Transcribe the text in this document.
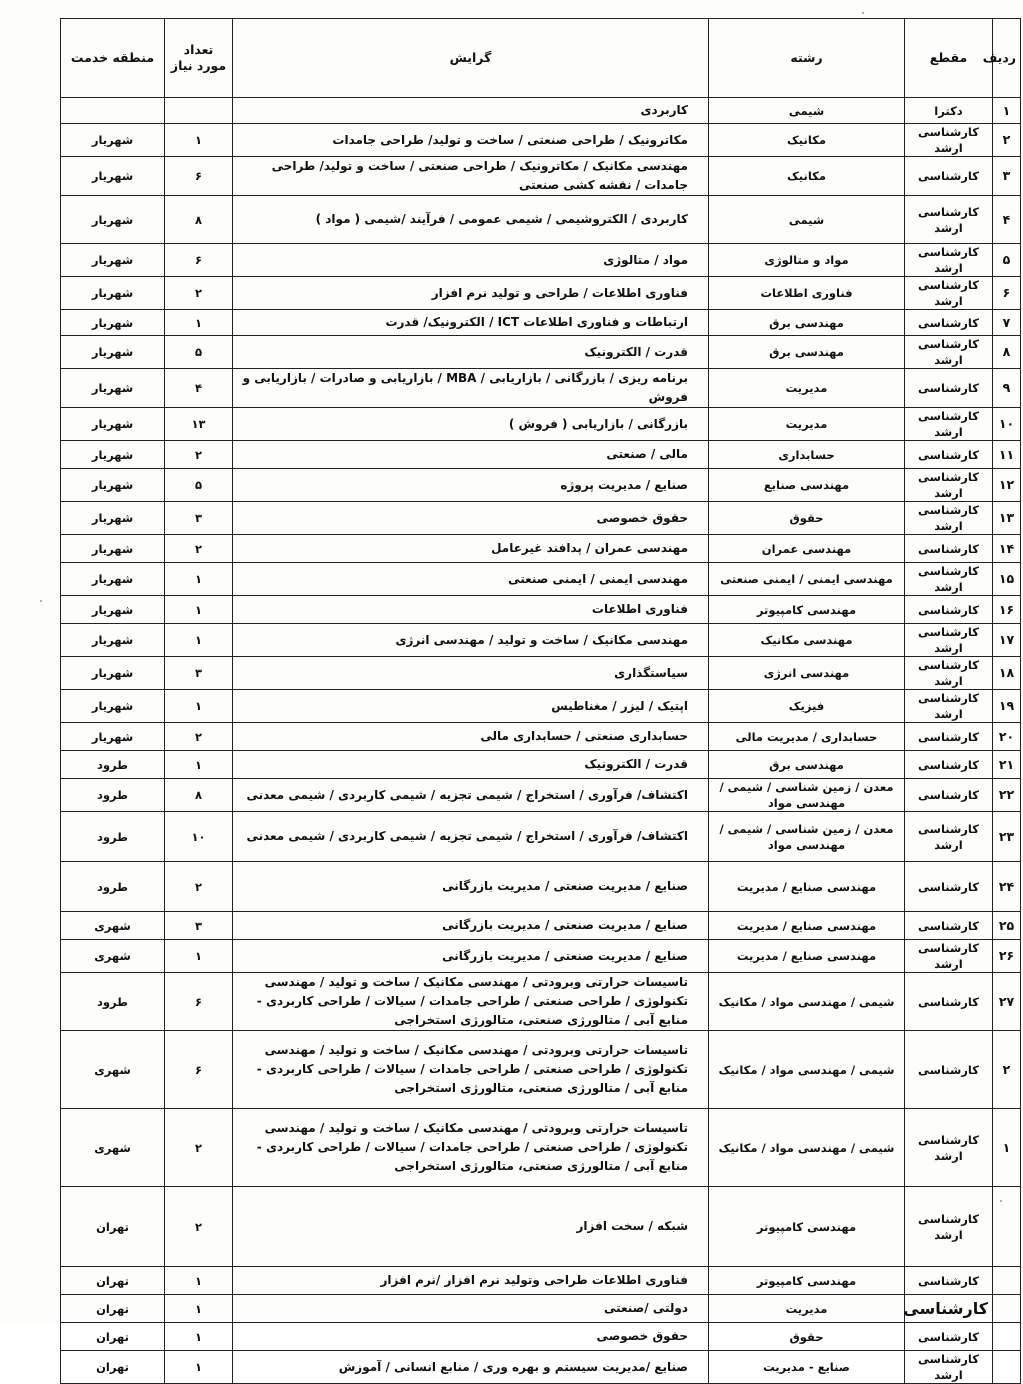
ردیف	مقطع	رشته	گرایش	تعداد مورد نیاز	منطقه خدمت
۱	دکترا	شیمی	کاربردی		
۲	کارشناسی ارشد	مکانیک	مکاترونیک / طراحی صنعتی / ساخت و تولید/ طراحی جامدات	۱	شهریار
۳	کارشناسی	مکانیک	مهندسی مکانیک / مکاترونیک / طراحی صنعتی / ساخت و تولید/ طراحی جامدات / نقشه کشی صنعتی	۶	شهریار
۴	کارشناسی ارشد	شیمی	کاربردی / الکتروشیمی / شیمی عمومی / فرآیند /شیمی ( مواد )	۸	شهریار
۵	کارشناسی ارشد	مواد و متالوژی	مواد / متالوژی	۶	شهریار
۶	کارشناسی ارشد	فناوری اطلاعات	فناوری اطلاعات / طراحی و تولید نرم افزار	۲	شهریار
۷	کارشناسی	مهندسی برق	ارتباطات و فناوری اطلاعات ICT / الکترونیک/ قدرت	۱	شهریار
۸	کارشناسی ارشد	مهندسی برق	قدرت / الکترونیک	۵	شهریار
۹	کارشناسی	مدیریت	برنامه ریزی / بازرگانی / بازاریابی / MBA / بازاریابی و صادرات / بازاریابی و فروش	۴	شهریار
۱۰	کارشناسی ارشد	مدیریت	بازرگانی / بازاریابی ( فروش )	۱۳	شهریار
۱۱	کارشناسی	حسابداری	مالی / صنعتی	۲	شهریار
۱۲	کارشناسی ارشد	مهندسی صنایع	صنایع / مدیریت پروژه	۵	شهریار
۱۳	کارشناسی ارشد	حقوق	حقوق خصوصی	۳	شهریار
۱۴	کارشناسی	مهندسی عمران	مهندسی عمران / پدافند غیرعامل	۲	شهریار
۱۵	کارشناسی ارشد	مهندسی ایمنی / ایمنی صنعتی	مهندسی ایمنی / ایمنی صنعتی	۱	شهریار
۱۶	کارشناسی	مهندسی کامپیوتر	فناوری اطلاعات	۱	شهریار
۱۷	کارشناسی ارشد	مهندسی مکانیک	مهندسی مکانیک / ساخت و تولید / مهندسی انرژی	۱	شهریار
۱۸	کارشناسی ارشد	مهندسی انرژی	سیاستگذاری	۳	شهریار
۱۹	کارشناسی ارشد	فیزیک	اپتیک / لیزر / مغناطیس	۱	شهریار
۲۰	کارشناسی	حسابداری / مدیریت مالی	حسابداری صنعتی / حسابداری مالی	۲	شهریار
۲۱	کارشناسی	مهندسی برق	قدرت / الکترونیک	۱	طرود
۲۲	کارشناسی	معدن / زمین شناسی / شیمی / مهندسی مواد	اکتشاف/ فرآوری / استخراج / شیمی تجزیه / شیمی کاربردی / شیمی معدنی	۸	طرود
۲۳	کارشناسی ارشد	معدن / زمین شناسی / شیمی / مهندسی مواد	اکتشاف/ فرآوری / استخراج / شیمی تجزیه / شیمی کاربردی / شیمی معدنی	۱۰	طرود
۲۴	کارشناسی	مهندسی صنایع / مدیریت	صنایع / مدیریت صنعتی / مدیریت بازرگانی	۲	طرود
۲۵	کارشناسی	مهندسی صنایع / مدیریت	صنایع / مدیریت صنعتی / مدیریت بازرگانی	۳	شهری
۲۶	کارشناسی ارشد	مهندسی صنایع / مدیریت	صنایع / مدیریت صنعتی / مدیریت بازرگانی	۱	شهری
۲۷	کارشناسی	شیمی / مهندسی مواد / مکانیک	تاسیسات حرارتی وبرودتی / مهندسی مکانیک / ساخت و تولید / مهندسی تکنولوژی / طراحی صنعتی / طراحی جامدات / سیالات / طراحی کاربردی - منابع آبی / متالورژی صنعتی، متالورژی استخراجی	۶	طرود
۲	کارشناسی	شیمی / مهندسی مواد / مکانیک	تاسیسات حرارتی وبرودتی / مهندسی مکانیک / ساخت و تولید / مهندسی تکنولوژی / طراحی صنعتی / طراحی جامدات / سیالات / طراحی کاربردی - منابع آبی / متالورژی صنعتی، متالورژی استخراجی	۶	شهری
۱	کارشناسی ارشد	شیمی / مهندسی مواد / مکانیک	تاسیسات حرارتی وبرودتی / مهندسی مکانیک / ساخت و تولید / مهندسی تکنولوژی / طراحی صنعتی / طراحی جامدات / سیالات / طراحی کاربردی - منابع آبی / متالورژی صنعتی، متالورژی استخراجی	۲	شهری
	کارشناسی ارشد	مهندسی کامپیوتر	شبکه / سخت افزار	۲	تهران
	کارشناسی	مهندسی کامپیوتر	فناوری اطلاعات طراحی وتولید نرم افزار /نرم افزار	۱	تهران
	کارشناسی	مدیریت	دولتی /صنعتی	۱	تهران
	کارشناسی	حقوق	حقوق خصوصی	۱	تهران
	کارشناسی ارشد	صنایع - مدیریت	صنایع /مدیریت سیستم و بهره وری / منابع انسانی / آموزش	۱	تهران
